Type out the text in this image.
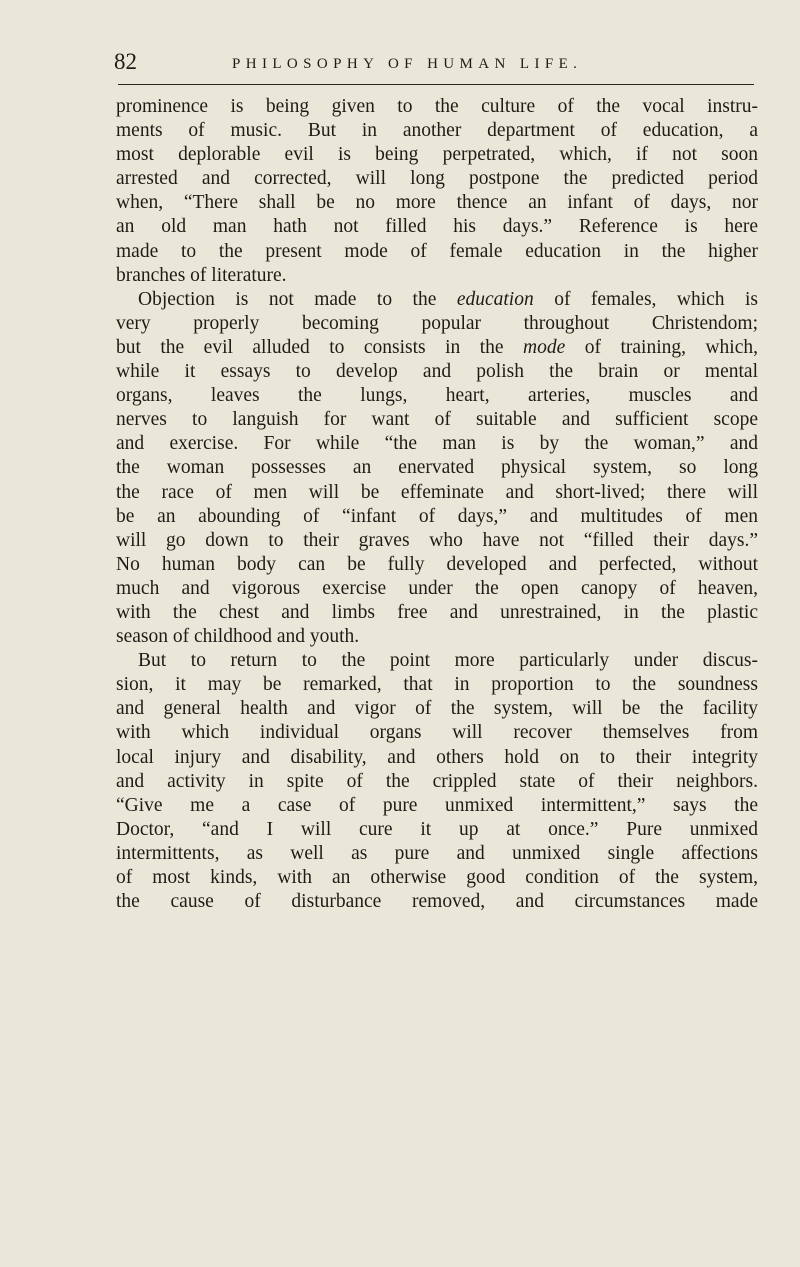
82	PHILOSOPHY OF HUMAN LIFE.
prominence is being given to the culture of the vocal instru-
ments of music. But in another department of education, a
most deplorable evil is being perpetrated, which, if not soon
arrested and corrected, will long postpone the predicted period
when, “There shall be no more thence an infant of days, nor
an old man hath not filled his days.” Reference is here
made to the present mode of female education in the higher
branches of literature.
Objection is not made to the education of females, which is
very properly becoming popular throughout Christendom;
but the evil alluded to consists in the mode of training, which,
while it essays to develop and polish the brain or mental
organs, leaves the lungs, heart, arteries, muscles and
nerves to languish for want of suitable and sufficient scope
and exercise. For while “the man is by the woman,” and
the woman possesses an enervated physical system, so long
the race of men will be effeminate and short-lived; there will
be an abounding of “infant of days,” and multitudes of men
will go down to their graves who have not “filled their days.”
No human body can be fully developed and perfected, without
much and vigorous exercise under the open canopy of heaven,
with the chest and limbs free and unrestrained, in the plastic
season of childhood and youth.
But to return to the point more particularly under discus-
sion, it may be remarked, that in proportion to the soundness
and general health and vigor of the system, will be the facility
with which individual organs will recover themselves from
local injury and disability, and others hold on to their integrity
and activity in spite of the crippled state of their neighbors.
“Give me a case of pure unmixed intermittent,” says the
Doctor, “and I will cure it up at once.” Pure unmixed
intermittents, as well as pure and unmixed single affections
of most kinds, with an otherwise good condition of the system,
the cause of disturbance removed, and circumstances made
